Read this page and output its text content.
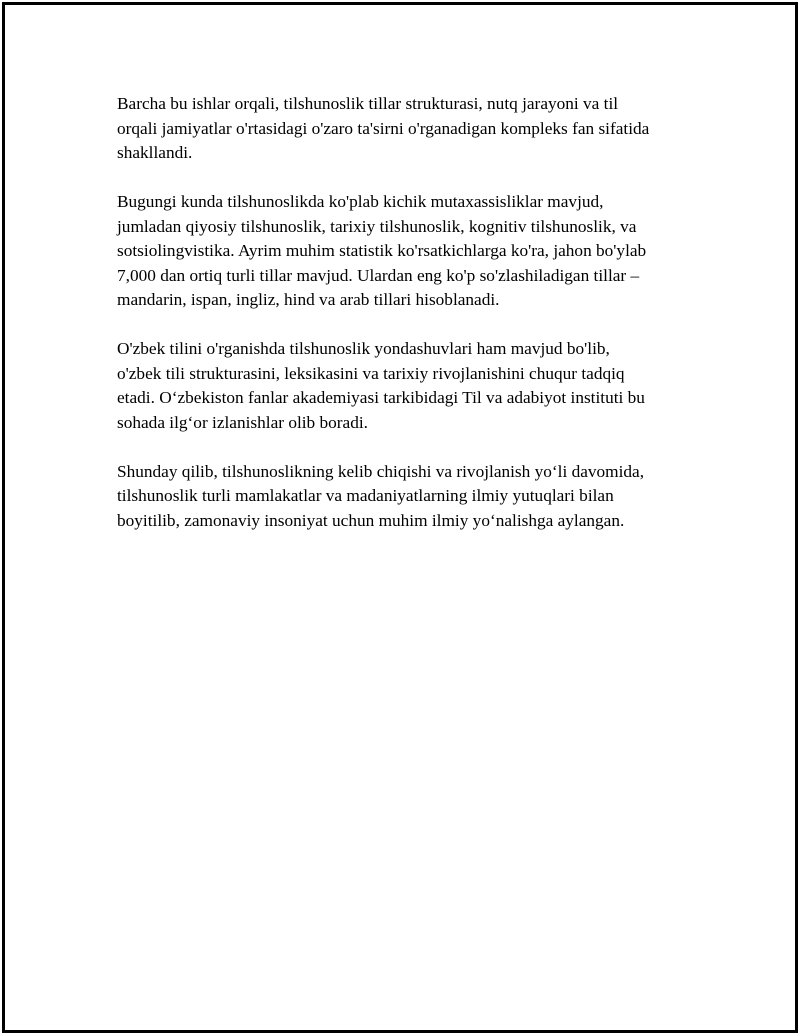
Barcha bu ishlar orqali, tilshunoslik tillar strukturasi, nutq jarayoni va til
orqali jamiyatlar o'rtasidagi o'zaro ta'sirni o'rganadigan kompleks fan sifatida
shakllandi.

Bugungi kunda tilshunoslikda ko'plab kichik mutaxassisliklar mavjud,
jumladan qiyosiy tilshunoslik, tarixiy tilshunoslik, kognitiv tilshunoslik, va
sotsiolingvistika. Ayrim muhim statistik ko'rsatkichlarga ko'ra, jahon bo'ylab
7,000 dan ortiq turli tillar mavjud. Ulardan eng ko'p so'zlashiladigan tillar –
mandarin, ispan, ingliz, hind va arab tillari hisoblanadi.

O'zbek tilini o'rganishda tilshunoslik yondashuvlari ham mavjud bo'lib,
o'zbek tili strukturasini, leksikasini va tarixiy rivojlanishini chuqur tadqiq
etadi. O‘zbekiston fanlar akademiyasi tarkibidagi Til va adabiyot instituti bu
sohada ilg‘or izlanishlar olib boradi.

Shunday qilib, tilshunoslikning kelib chiqishi va rivojlanish yo‘li davomida,
tilshunoslik turli mamlakatlar va madaniyatlarning ilmiy yutuqlari bilan
boyitilib, zamonaviy insoniyat uchun muhim ilmiy yo‘nalishga aylangan.
